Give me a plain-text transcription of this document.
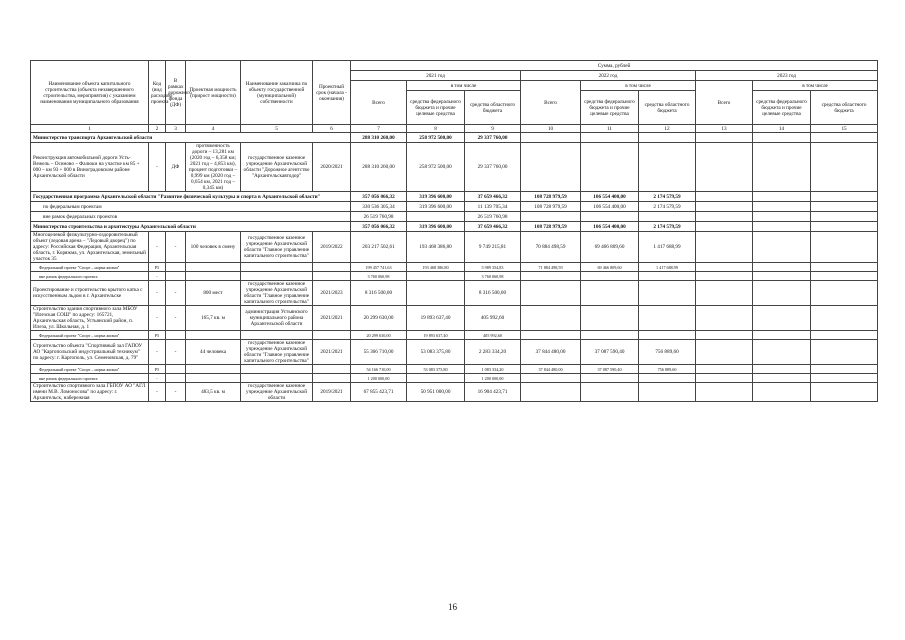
Наименование объекта капитального строительства (объекта незавершенного строительства, мероприятия) с указанием наименования муниципального образования	Код (вид расходов) проекта	В рамках дорожного фонда (ДФ)	Проектная мощность (прирост мощности)	Наименование заказчика по объекту государственной (муниципальной) собственности	Проектный срок (начала - окончания)	Сумма, рублей								
						2021 год			2022 год			2023 год		
						Всего	в том числе		Всего	в том числе		Всего	в том числе	
							средства федерального бюджета и прочие целевые средства	средства областного бюджета		средства федерального бюджета и прочие целевые средства	средства областного бюджета		средства федерального бюджета и прочие целевые средства	средства областного бюджета
1	2	3	4	5	6	7	8	9	10	11	12	13	14	15
Министерство транспорта Архангельской области						288 310 260,00	258 972 500,00	29 337 760,00						
Реконструкция автомобильной дороги Усть-Вежель – Осиново – Фалюки на участке км 85 + 000 – км 93 + 000 в Виноградовском районе Архангельской области	-	ДФ	протяженность дороги – 13,281 км (2020 год – 6,358 км; 2021 год – 4,853 км), процент подготовки – 0,999 км (2020 год – 0,654 км, 2021 год – 0,345 км)	государственное казенное учреждение Архангельской области "Дорожное агентство "Архангельскавтодор"	2020/2021	288 310 260,00	258 972 500,00	29 337 760,00						
Государственная программа Архангельской области "Развитие физической культуры и спорта в Архангельской области"						357 056 066,32	319 396 600,00	37 659 466,32	108 728 979,59	106 554 400,00	2 174 579,59			
по федеральным проектам						330 536 305,34	319 396 600,00	11 139 705,34	108 728 979,59	106 554 400,00	2 174 579,59			
вне рамок федеральных проектов						26 519 760,98		26 519 760,98						
Министерство строительства и архитектуры Архангельской области						357 056 066,32	319 396 600,00	37 659 466,32	108 728 979,59	106 554 400,00	2 174 579,59			
Многоцелевой физкультурно-оздоровительный объект (ледовая арена – "Ледовый дворец") по адресу: Российская Федерация, Архангельская область, г. Коряжма, ул. Архангельская, земельный участок 35	-	-	100 человек в смену	государственное казенное учреждение Архангельской области "Главное управление капитального строительства"	2019/2022	203 217 502,61	193 468 386,80	9 749 215,81	70 884 498,59	69 466 809,60	1 417 688,99			
Федеральный проект "Спорт – норма жизни"	P5					199 457 741,63	193 468 386,80	5 989 354,83	71 884 498,59	69 466 809,60	1 417 688,99			
вне рамок федерального проекта	-					3 760 060,98		3 760 060,98						
Проектирование и строительство крытого катка с искусственным льдом в г. Архангельске	-	-	800 мест	государственное казенное учреждение Архангельской области "Главное управление капитального строительства"	2021/2023	8 316 500,00		8 316 500,00						
Строительство здания спортивного зала МБОУ "Илезская СОШ" по адресу: 165721, Архангельская область, Устьянский район, п. Илеза, ул. Школьная, д. 1	-	-	165,7 кв. м	администрация Устьянского муниципального района Архангельской области	2021/2021	20 299 630,00	19 893 637,40	405 992,60						
Федеральный проект "Спорт – норма жизни"	P5					20 299 630,00	19 893 637,40	405 992,60						
Строительство объекта "Спортивный зал ГАПОУ АО "Каргопольский индустриальный техникум" по адресу: г. Каргополь, ул. Семеновская, д. 79"	-	-	44 человека	государственное казенное учреждение Архангельской области "Главное управление капитального строительства"	2021/2021	55 366 710,00	53 083 375,80	2 283 334,20	37 844 480,00	37 087 590,40	756 889,60			
Федеральный проект "Спорт – норма жизни"	P5					54 166 710,00	53 083 375,80	1 083 334,20	37 844 480,00	37 087 590,40	756 889,60			
вне рамок федерального проекта	-					1 200 000,00		1 200 000,00						
Строительство спортивного зала ГБПОУ АО "АГЛ имени М.В. Ломоносова" по адресу: г. Архангельск, набережная	-	-	483,5 кв. м	государственное казенное учреждение Архангельской области	2019/2021	67 855 423,71	50 951 000,00	16 904 423,71						
16
